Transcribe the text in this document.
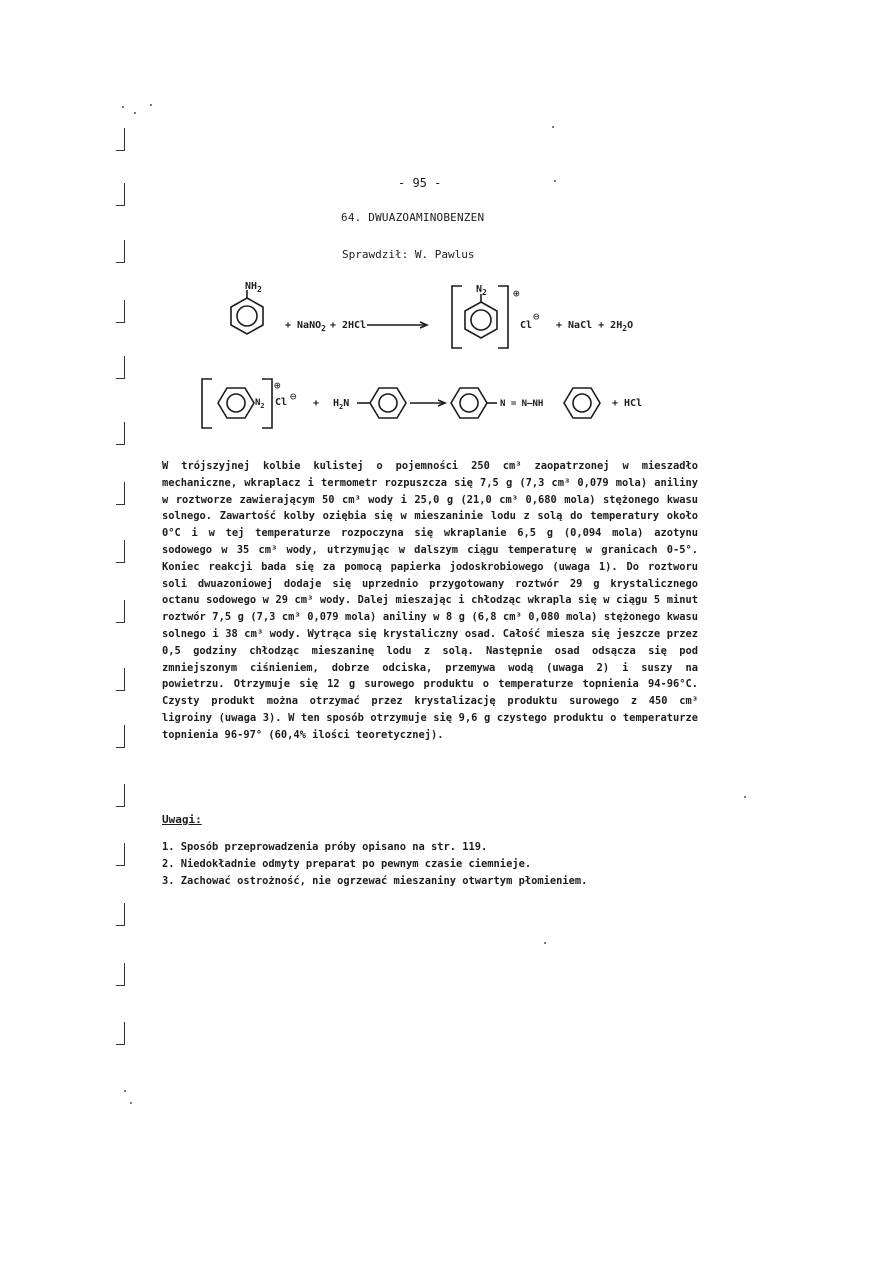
- 95 -
64. DWUAZOAMINOBENZEN
Sprawdził: W. Pawlus
$NH_2$
+ NaNO$_2$ + 2HCl
$N_2$ ⊕
Cl
⊖
+ NaCl + $2H_2O$
$N_2$
⊕
Cl ⊖
+ $H_2N$	N = N–NH	+ HCl
W trójszyjnej kolbie kulistej o pojemności 250 cm³ zaopatrzonej w mieszadło mechaniczne, wkraplacz i termometr rozpuszcza się 7,5 g (7,3 cm³ 0,079 mola) aniliny w roztworze zawierającym 50 cm³ wody i 25,0 g (21,0 cm³ 0,680 mola) stężonego kwasu solnego. Zawartość kolby oziębia się w mieszaninie lodu z solą do temperatury około 0°C i w tej temperaturze rozpoczyna się wkraplanie 6,5 g (0,094 mola) azotynu sodowego w 35 cm³ wody, utrzymując w dalszym ciągu temperaturę w granicach 0-5°. Koniec reakcji bada się za pomocą papierka jodoskrobiowego (uwaga 1). Do roztworu soli dwuazoniowej dodaje się uprzednio przygotowany roztwór 29 g krystalicznego octanu sodowego w 29 cm³ wody. Dalej mieszając i chłodząc wkrapla się w ciągu 5 minut roztwór 7,5 g (7,3 cm³ 0,079 mola) aniliny w 8 g (6,8 cm³ 0,080 mola) stężonego kwasu solnego i 38 cm³ wody. Wytrąca się krystaliczny osad. Całość miesza się jeszcze przez 0,5 godziny chłodząc mieszaninę lodu z solą. Następnie osad odsącza się pod zmniejszonym ciśnieniem, dobrze odciska, przemywa wodą (uwaga 2) i suszy na powietrzu. Otrzymuje się 12 g surowego produktu o temperaturze topnienia 94-96°C. Czysty produkt można otrzymać przez krystalizację produktu surowego z 450 cm³ ligroiny (uwaga 3). W ten sposób otrzymuje się 9,6 g czystego produktu o temperaturze topnienia 96-97° (60,4% ilości teoretycznej).
Uwagi:
1. Sposób przeprowadzenia próby opisano na str. 119.
2. Niedokładnie odmyty preparat po pewnym czasie ciemnieje.
3. Zachować ostrożność, nie ogrzewać mieszaniny otwartym płomieniem.
